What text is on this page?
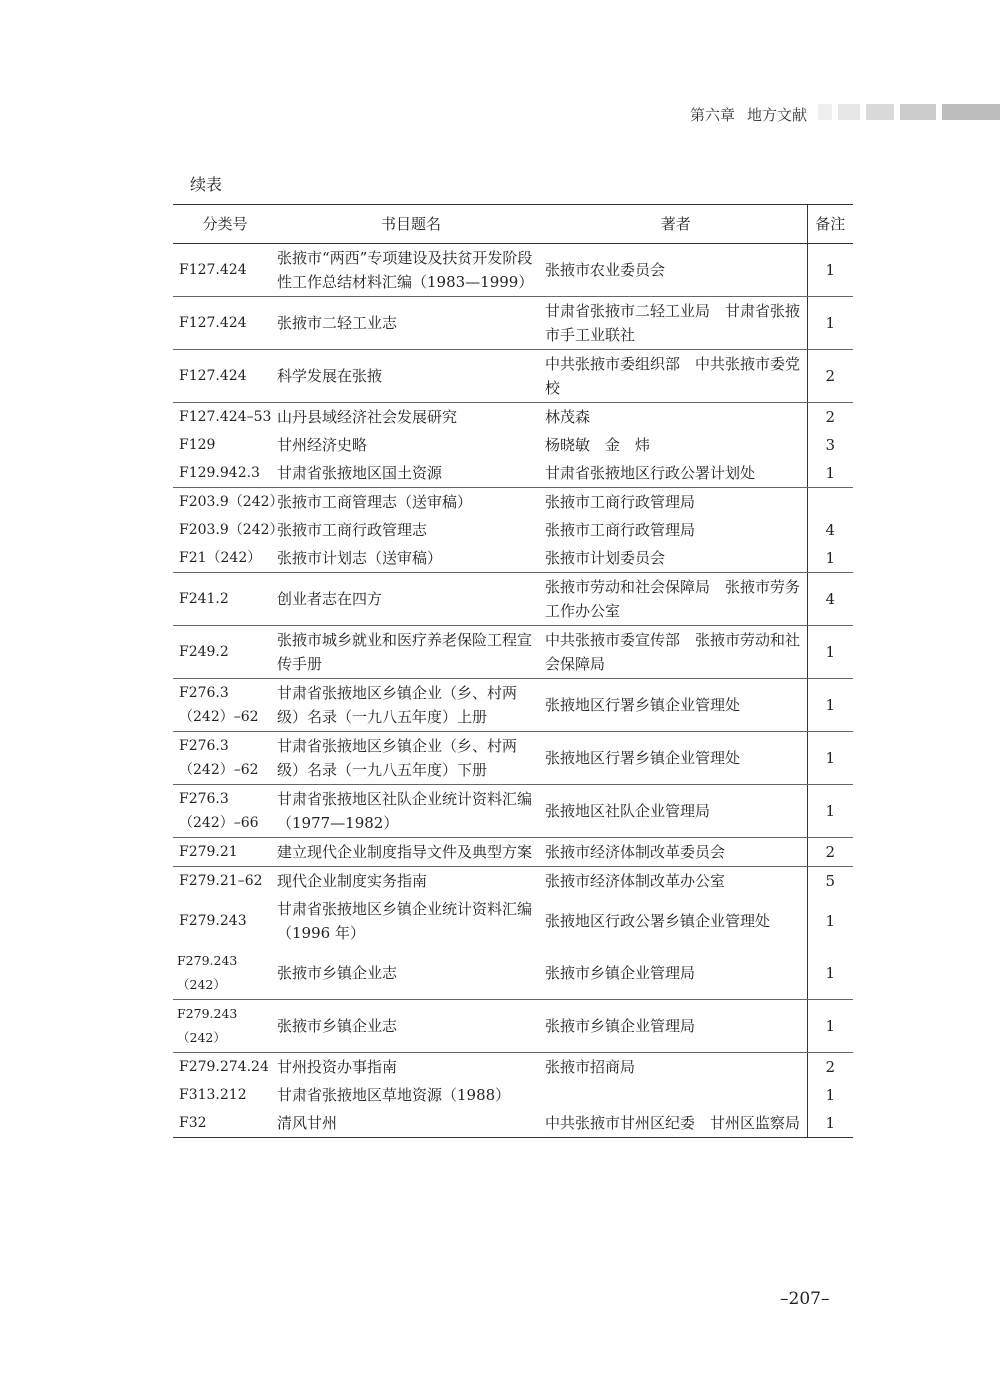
第六章 地方文献
续表
分类号	书目题名	著者	备注
F127.424	张掖市“两西”专项建设及扶贫开发阶段性工作总结材料汇编（1983—1999）	张掖市农业委员会	1
F127.424	张掖市二轻工业志	甘肃省张掖市二轻工业局　甘肃省张掖市手工业联社	1
F127.424	科学发展在张掖	中共张掖市委组织部　中共张掖市委党校	2
F127.424–53	山丹县域经济社会发展研究	林茂森	2
F129	甘州经济史略	杨晓敏　金　炜	3
F129.942.3	甘肃省张掖地区国土资源	甘肃省张掖地区行政公署计划处	1
F203.9（242）	张掖市工商管理志（送审稿）	张掖市工商行政管理局	
F203.9（242）	张掖市工商行政管理志	张掖市工商行政管理局	4
F21（242）	张掖市计划志（送审稿）	张掖市计划委员会	1
F241.2	创业者志在四方	张掖市劳动和社会保障局　张掖市劳务工作办公室	4
F249.2	张掖市城乡就业和医疗养老保险工程宣传手册	中共张掖市委宣传部　张掖市劳动和社会保障局	1
F276.3（242）–62	甘肃省张掖地区乡镇企业（乡、村两级）名录（一九八五年度）上册	张掖地区行署乡镇企业管理处	1
F276.3（242）–62	甘肃省张掖地区乡镇企业（乡、村两级）名录（一九八五年度）下册	张掖地区行署乡镇企业管理处	1
F276.3（242）–66	甘肃省张掖地区社队企业统计资料汇编（1977—1982）	张掖地区社队企业管理局	1
F279.21	建立现代企业制度指导文件及典型方案	张掖市经济体制改革委员会	2
F279.21–62	现代企业制度实务指南	张掖市经济体制改革办公室	5
F279.243	甘肃省张掖地区乡镇企业统计资料汇编（1996 年）	张掖地区行政公署乡镇企业管理处	1
F279.243（242）	张掖市乡镇企业志	张掖市乡镇企业管理局	1
F279.243（242）	张掖市乡镇企业志	张掖市乡镇企业管理局	1
F279.274.24	甘州投资办事指南	张掖市招商局	2
F313.212	甘肃省张掖地区草地资源（1988）		1
F32	清风甘州	中共张掖市甘州区纪委　甘州区监察局	1
–207–
